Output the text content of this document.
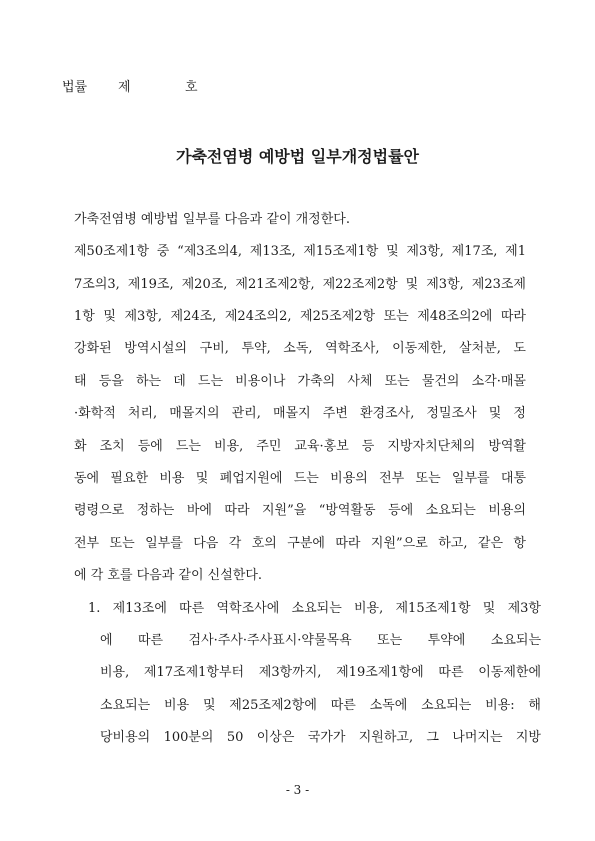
법률 제	호
가축전염병 예방법 일부개정법률안
가축전염병 예방법 일부를 다음과 같이 개정한다.
제50조제1항 중 “제3조의4, 제13조, 제15조제1항 및 제3항, 제17조, 제1
7조의3, 제19조, 제20조, 제21조제2항, 제22조제2항 및 제3항, 제23조제
1항 및 제3항, 제24조, 제24조의2, 제25조제2항 또는 제48조의2에 따라
강화된 방역시설의 구비, 투약, 소독, 역학조사, 이동제한, 살처분, 도
태 등을 하는 데 드는 비용이나 가축의 사체 또는 물건의 소각·매몰
·화학적 처리, 매몰지의 관리, 매몰지 주변 환경조사, 정밀조사 및 정
화 조치 등에 드는 비용, 주민 교육·홍보 등 지방자치단체의 방역활
동에 필요한 비용 및 폐업지원에 드는 비용의 전부 또는 일부를 대통
령령으로 정하는 바에 따라 지원”을 “방역활동 등에 소요되는 비용의
전부 또는 일부를 다음 각 호의 구분에 따라 지원”으로 하고, 같은 항
에 각 호를 다음과 같이 신설한다.
1. 제13조에 따른 역학조사에 소요되는 비용, 제15조제1항 및 제3항
에 따른 검사·주사·주사표시·약물목욕 또는 투약에 소요되는
비용, 제17조제1항부터 제3항까지, 제19조제1항에 따른 이동제한에
소요되는 비용 및 제25조제2항에 따른 소독에 소요되는 비용: 해
당비용의 100분의 50 이상은 국가가 지원하고, 그 나머지는 지방
- 3 -
